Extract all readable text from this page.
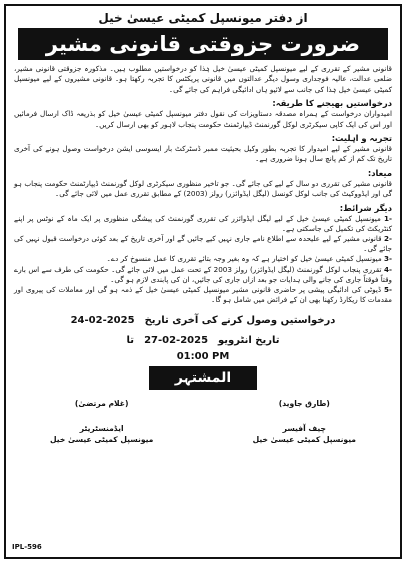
از دفتر میونسپل کمیٹی عیسیٰ خیل
ضرورت جزوقتی قانونی مشیر

قانونی مشیر کے تقرری کے لیے میونسپل کمیٹی عیسیٰ خیل ہٰذا کو درخواستیں مطلوب ہیں۔ مذکورہ جزوقتی قانونی مشیر، ضلعی عدالت، عالیہ فوجداری وسول دیگر عدالتوں میں قانونی پریکٹس کا تجربہ رکھتا ہو۔ قانونی مشیروں کے لیے میونسپل کمیٹی عیسیٰ خیل ہٰذا کی جانب سے لائیو ہاں ادائیگی فراہم کی جائے گی۔

درخواستیں بھیجنے کا طریقہ:

امیدواران درخواست کے ہمراہ مصدقہ دستاویزات کی نقول دفتر میونسپل کمیٹی عیسیٰ خیل کو بذریعہ ڈاک ارسال فرمائیں اور اس کی ایک کاپی سیکرٹری لوکل گورنمنٹ ڈیپارٹمنٹ حکومت پنجاب لاہور کو بھی ارسال کریں۔

تجربہ و اہلیت:

قانونی مشیر کے لیے امیدوار کا تجربہ بطور وکیل بحیثیت ممبر ڈسٹرکٹ بار ایسوسی ایشن درخواست وصول ہونے کی آخری تاریخ تک کم از کم پانچ سال ہونا ضروری ہے۔

میعاد:

قانونی مشیر کی تقرری دو سال کے لیے کی جائے گی۔ جو تاخیر منظوری سیکرٹری لوکل گورنمنٹ ڈیپارٹمنٹ حکومت پنجاب ہو گی اور ایڈووکیٹ کی جانب لوکل کونسل (لیگل ایڈوائزر) رولز (2003) کے مطابق تقرری عمل میں لائی جائے گی۔

دیگر شرائط:

-1 میونسپل کمیٹی عیسیٰ خیل کے لیے لیگل ایڈوائزر کی تقرری گورنمنٹ کی پیشگی منظوری پر ایک ماہ کے نوٹس پر اپنے کنٹریکٹ کی تکمیل کی جاسکتی ہے۔

-2 قانونی مشیر کے لیے علیحدہ سے اطلاع نامے جاری نہیں کیے جائیں گے اور آخری تاریخ کے بعد کوئی درخواست قبول نہیں کی جائے گی۔

-3 میونسپل کمیٹی عیسیٰ خیل کو اختیار ہے کہ وہ بغیر وجہ بتائے تقرری کا عمل منسوخ کر دے۔

-4 تقرری پنجاب لوکل گورنمنٹ (لیگل ایڈوائزر) رولز 2003 کے تحت عمل میں لائی جائے گی۔ حکومت کی طرف سے اس بارے وقتاً فوقتاً جاری کی جانے والی ہدایات جو بعد ازاں جاری کی جائیں، ان کی پابندی لازم ہو گی۔

-5 ڈیوٹی کی ادائیگی پیشی پر حاضری قانونی مشیر میونسپل کمیٹی عیسیٰ خیل کے ذمہ ہو گی اور معاملات کی پیروی اور مقدمات کا ریکارڈ رکھنا بھی ان کے فرائض میں شامل ہو گا۔

درخواستیں وصول کرنے کی آخری تاریخ
24-02-2025
تاریخ انٹرویو
27-02-2025
تا
01:00 PM
المشتہر
(طارق جاوید)
چیف آفیسر
میونسپل کمیٹی عیسیٰ خیل
(غلام مرتضیٰ)
ایڈمنسٹریٹر
میونسپل کمیٹی عیسیٰ خیل
IPL-596
